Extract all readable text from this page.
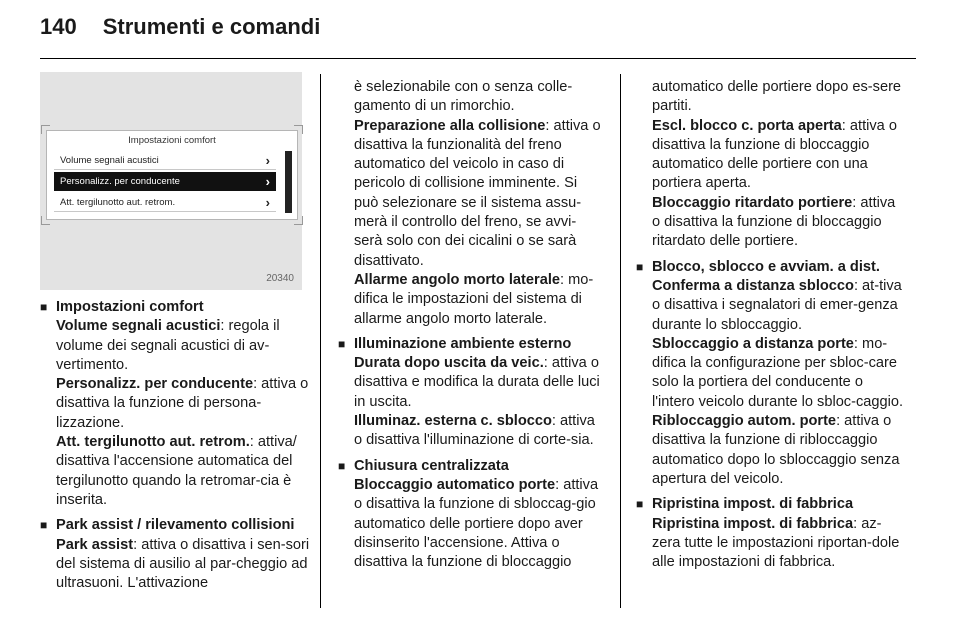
140 Strumenti e comandi
Impostazioni comfort
Volume segnali acustici	›
Personalizz. per conducente	›
Att. tergilunotto aut. retrom.	›
20340
■ Impostazioni comfort

Volume segnali acustici: regola il volume dei segnali acustici di av-vertimento.

Personalizz. per conducente: attiva o disattiva la funzione di persona-lizzazione.

Att. tergilunotto aut. retrom.: attiva/ disattiva l'accensione automatica del tergilunotto quando la retromar-cia è inserita.

■ Park assist / rilevamento collisioni

Park assist: attiva o disattiva i sen-sori del sistema di ausilio al par-cheggio ad ultrasuoni. L'attivazione

è selezionabile con o senza colle-gamento di un rimorchio.

Preparazione alla collisione: attiva o disattiva la funzionalità del freno automatico del veicolo in caso di pericolo di collisione imminente. Si può selezionare se il sistema assu-merà il controllo del freno, se avvi-serà solo con dei cicalini o se sarà disattivato.

Allarme angolo morto laterale: mo-difica le impostazioni del sistema di allarme angolo morto laterale.

■ Illuminazione ambiente esterno

Durata dopo uscita da veic.: attiva o disattiva e modifica la durata delle luci in uscita.

Illuminaz. esterna c. sblocco: attiva o disattiva l'illuminazione di corte-sia.

■ Chiusura centralizzata

Bloccaggio automatico porte: attiva o disattiva la funzione di sbloccag-gio automatico delle portiere dopo aver disinserito l'accensione. Attiva o disattiva la funzione di bloccaggio

automatico delle portiere dopo es-sere partiti.

Escl. blocco c. porta aperta: attiva o disattiva la funzione di bloccaggio automatico delle portiere con una portiera aperta.

Bloccaggio ritardato portiere: attiva o disattiva la funzione di bloccaggio ritardato delle portiere.

■ Blocco, sblocco e avviam. a dist.

Conferma a distanza sblocco: at-tiva o disattiva i segnalatori di emer-genza durante lo sbloccaggio.

Sbloccaggio a distanza porte: mo-difica la configurazione per sbloc-care solo la portiera del conducente o l'intero veicolo durante lo sbloc-caggio.

Ribloccaggio autom. porte: attiva o disattiva la funzione di ribloccaggio automatico dopo lo sbloccaggio senza apertura del veicolo.

■ Ripristina impost. di fabbrica

Ripristina impost. di fabbrica: az-zera tutte le impostazioni riportan-dole alle impostazioni di fabbrica.
